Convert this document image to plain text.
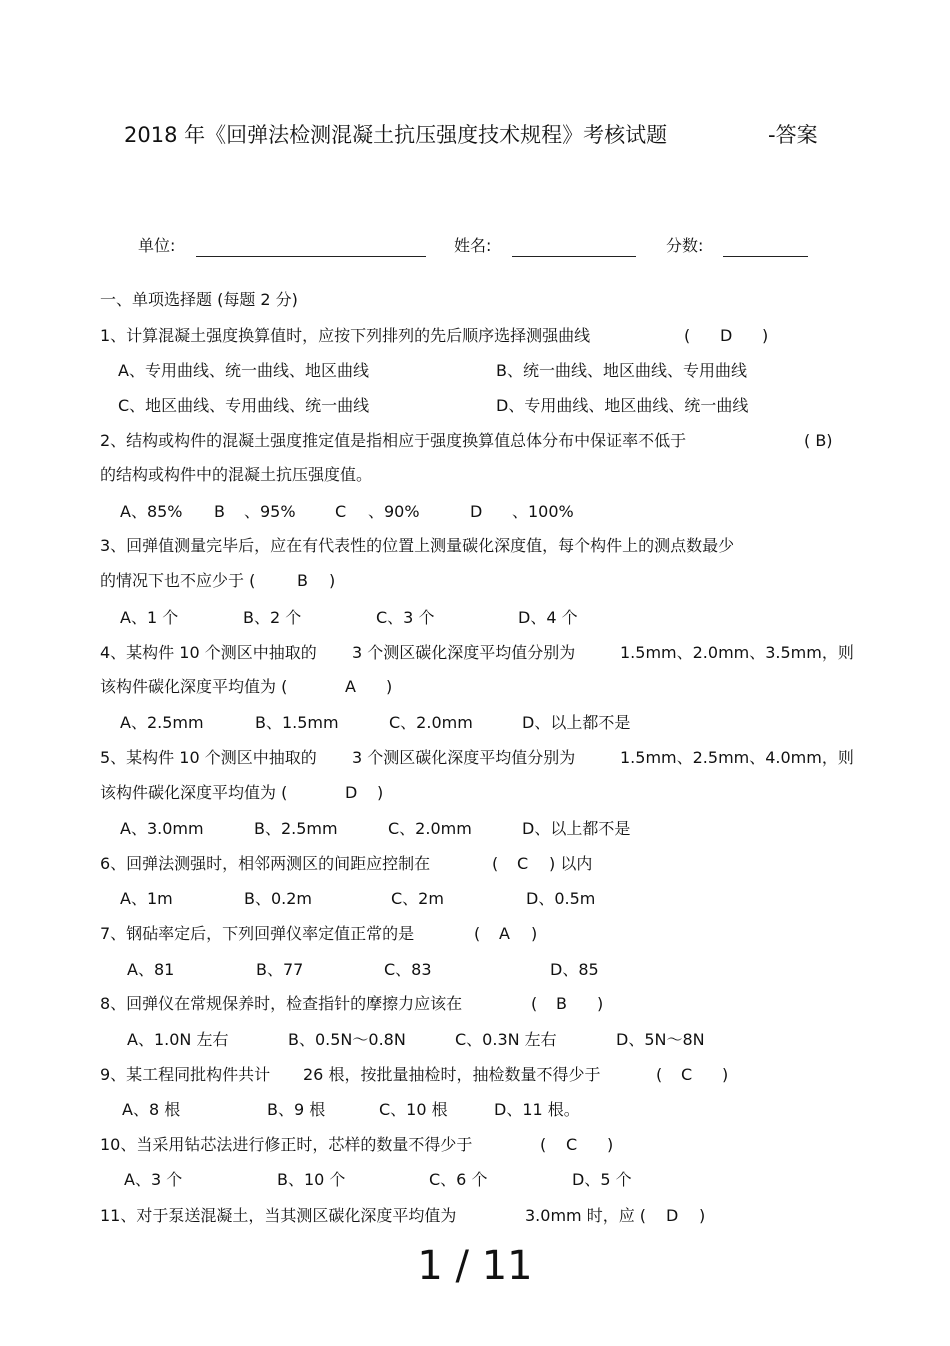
2018 年《回弹法检测混凝土抗压强度技术规程》考核试题	-答案
单位:	姓名:	分数:
一、单项选择题 (每题 2 分)
1、计算混凝土强度换算值时，应按下列排列的先后顺序选择测强曲线	( D )
A、专用曲线、统一曲线、地区曲线	B、统一曲线、地区曲线、专用曲线
C、地区曲线、专用曲线、统一曲线	D、专用曲线、地区曲线、统一曲线
2、结构或构件的混凝土强度推定值是指相应于强度换算值总体分布中保证率不低于	( B)
的结构或构件中的混凝土抗压强度值。
A、85% B 、95% C 、90%	D 、100%
3、回弹值测量完毕后，应在有代表性的位置上测量碳化深度值，每个构件上的测点数最少
的情况下也不应少于 (	B )
A、1 个	B、2 个	C、3 个	D、4 个
4、某构件 10 个测区中抽取的 3 个测区碳化深度平均值分别为	1.5mm、2.0mm、3.5mm，则
该构件碳化深度平均值为 (	A )
A、2.5mm	B、1.5mm	C、2.0mm	D、以上都不是
5、某构件 10 个测区中抽取的 3 个测区碳化深度平均值分别为	1.5mm、2.5mm、4.0mm，则
该构件碳化深度平均值为 (	D )
A、3.0mm	B、2.5mm	C、2.0mm	D、以上都不是
6、回弹法测强时，相邻两测区的间距应控制在	( C ) 以内
A、1m	B、0.2m	C、2m	D、0.5m
7、钢砧率定后，下列回弹仪率定值正常的是	( A )
A、81	B、77	C、83	D、85
8、回弹仪在常规保养时，检查指针的摩擦力应该在	( B )
A、1.0N 左右	B、0.5N～0.8N	C、0.3N 左右	D、5N～8N
9、某工程同批构件共计 26 根，按批量抽检时，抽检数量不得少于	( C )
A、8 根	B、9 根	C、10 根	D、11 根。
10、当采用钻芯法进行修正时，芯样的数量不得少于	( C )
A、3 个	B、10 个	C、6 个	D、5 个
11、对于泵送混凝土，当其测区碳化深度平均值为	3.0mm 时，应 ( D )
1 / 11
